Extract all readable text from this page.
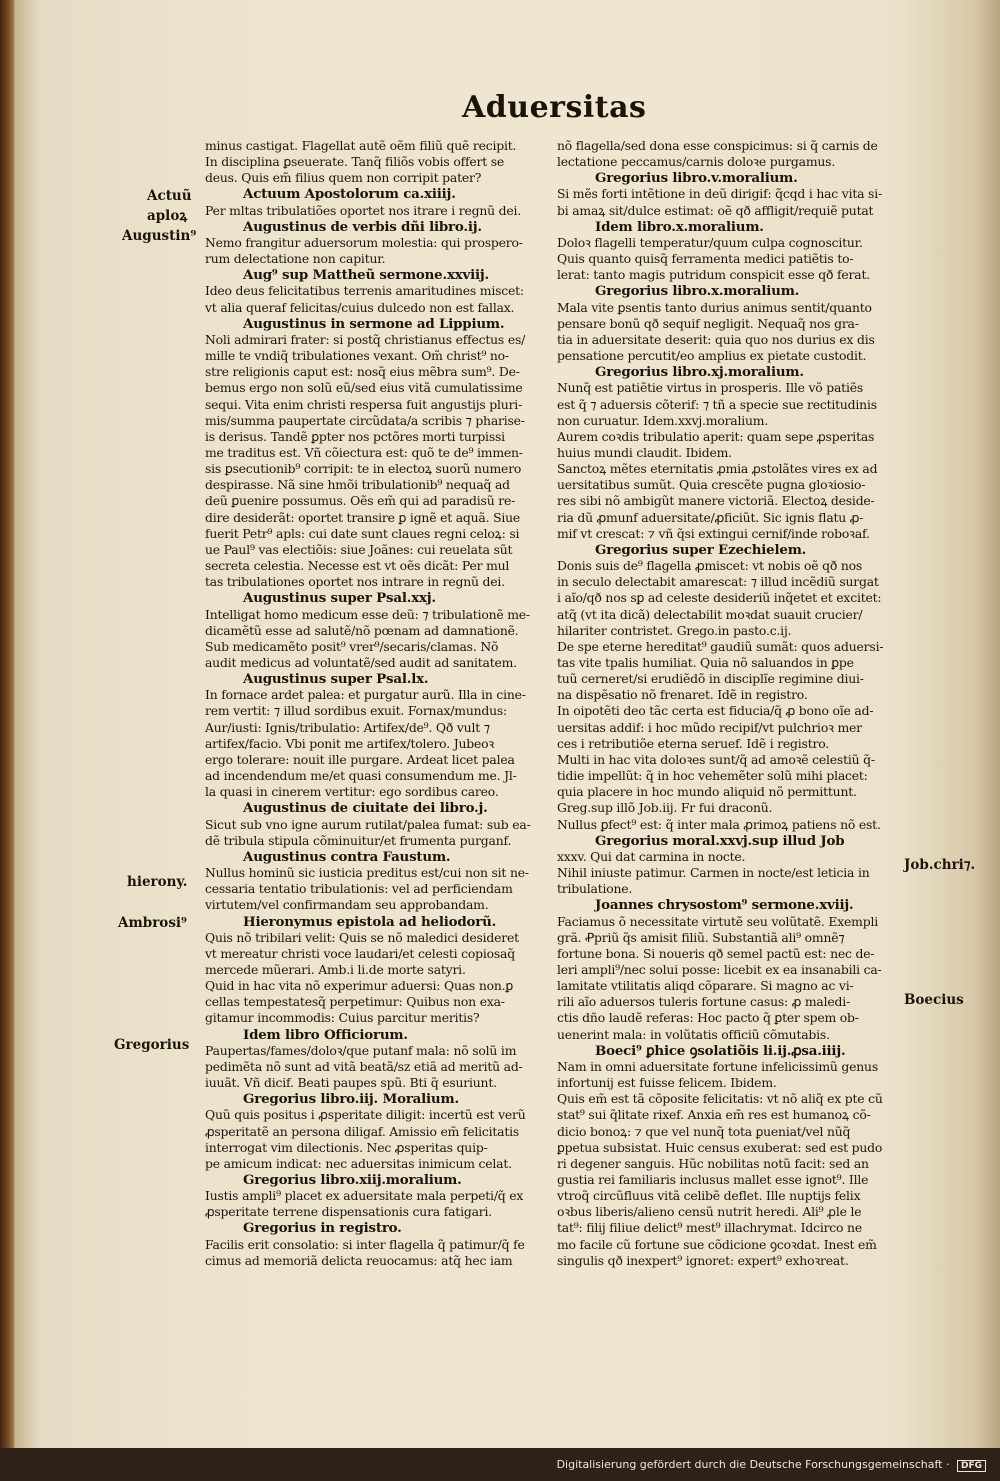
·
Aduersitas

minus castigat. Flagellat autẽ oẽm filiũ quẽ recipit.

In disciplina ꝑseuerate. Tanq̃ filiõs vobis offert se

deus. Quis em̃ filius quem non corripit pater?

Actuum Apostolorum ca.xiiij.

Per mltas tribulatiões oportet nos itrare i regnũ dei.

Augustinus de verbis dñi libro.ij.

Nemo frangitur aduersorum molestia: qui prospero-

rum delectatione non capitur.

Aug⁹ sup Mattheũ sermone.xxviij.

Ideo deus felicitatibus terrenis amaritudines miscet:

vt alia queraf felicitas/cuius dulcedo non est fallax.

Augustinus in sermone ad Lippium.

Noli admirari frater: si postq̃ christianus effectus es/

mille te vndiq̃ tribulationes vexant. Om̃ christ⁹ no-

stre religionis caput est: nosq̃ eius mẽbra sum⁹. De-

bemus ergo non solũ eũ/sed eius vitã cumulatissime

sequi. Vita enim christi respersa fuit angustijs pluri-

mis/summa paupertate circũdata/a scribis ⁊ pharise-

is derisus. Tandẽ ꝑpter nos pctõres morti turpissi

me traditus est. Vñ cõiectura est: quõ te de⁹ immen-

sis ꝑsecutionib⁹ corripit: te in electoꝝ suorũ numero

despirasse. Nã sine hmõi tribulationib⁹ nequaq̃ ad

deũ ꝑuenire possumus. Oẽs em̃ qui ad paradisũ re-

dire desiderãt: oportet transire ꝑ ignẽ et aquã. Siue

fuerit Petr⁹ apls: cui date sunt claues regni celoꝝ: si

ue Paul⁹ vas electiõis: siue Joãnes: cui reuelata sũt

secreta celestia. Necesse est vt oẽs dicãt: Per mul

tas tribulationes oportet nos intrare in regnũ dei.

Augustinus super Psal.xxj.

Intelligat homo medicum esse deũ: ⁊ tribulationẽ me-

dicamẽtũ esse ad salutẽ/nõ pœnam ad damnationẽ.

Sub medicamẽto posit⁹ vrer⁹/secaris/clamas. Nõ

audit medicus ad voluntatẽ/sed audit ad sanitatem.

Augustinus super Psal.lx.

In fornace ardet palea: et purgatur aurũ. Illa in cine-

rem vertit: ⁊ illud sordibus exuit. Fornax/mundus:

Aur/iusti: Ignis/tribulatio: Artifex/de⁹. Qð vult ⁊

artifex/facio. Vbi ponit me artifex/tolero. Jubeoꝛ

ergo tolerare: nouit ille purgare. Ardeat licet palea

ad incendendum me/et quasi consumendum me. Jl-

la quasi in cinerem vertitur: ego sordibus careo.

Augustinus de ciuitate dei libro.j.

Sicut sub vno igne aurum rutilat/palea fumat: sub ea-

dẽ tribula stipula cõminuitur/et frumenta purganf.

Augustinus contra Faustum.

Nullus hominũ sic iusticia preditus est/cui non sit ne-

cessaria tentatio tribulationis: vel ad perficiendam

virtutem/vel confirmandam seu approbandam.

Hieronymus epistola ad heliodorũ.

Quis nõ tribilari velit: Quis se nõ maledici desideret

vt mereatur christi voce laudari/et celesti copiosaq̃

mercede mũerari. Amb.i li.de morte satyri.

Quid in hac vita nõ experimur aduersi: Quas non.ꝑ

cellas tempestatesq̃ perpetimur: Quibus non exa-

gitamur incommodis: Cuius parcitur meritis?

Idem libro Officiorum.

Paupertas/fames/doloꝛ/que putanf mala: nõ solũ im

pedimẽta nõ sunt ad vitã beatã/sz etiã ad meritũ ad-

iuuãt. Vñ dicif. Beati paupes spũ. Bti q̃ esuriunt.

Gregorius libro.iij. Moralium.

Quũ quis positus i ꝓsperitate diligit: incertũ est verũ

ꝓsperitatẽ an persona diligaf. Amissio em̃ felicitatis

interrogat vim dilectionis. Nec ꝓsperitas quip-

pe amicum indicat: nec aduersitas inimicum celat.

Gregorius libro.xiij.moralium.

Iustis ampli⁹ placet ex aduersitate mala perpeti/q̃ ex

ꝓsperitate terrene dispensationis cura fatigari.

Gregorius in registro.

Facilis erit consolatio: si inter flagella q̃ patimur/q̃ fe

cimus ad memoriã delicta reuocamus: atq̃ hec iam

nõ flagella/sed dona esse conspicimus: si q̃ carnis de

lectatione peccamus/carnis doloꝛe purgamus.

Gregorius libro.v.moralium.

Si mẽs forti intẽtione in deũ dirigif: q̃cqd i hac vita si-

bi amaꝝ sit/dulce estimat: oẽ qð affligit/requiẽ putat

Idem libro.x.moralium.

Doloꝛ flagelli temperatur/quum culpa cognoscitur.

Quis quanto quisq̃ ferramenta medici patiẽtis to-

lerat: tanto magis putridum conspicit esse qð ferat.

Gregorius libro.x.moralium.

Mala vite ꝑsentis tanto durius animus sentit/quanto

pensare bonũ qð sequif negligit. Nequaq̃ nos gra-

tia in aduersitate deserit: quia quo nos durius ex dis

pensatione percutit/eo amplius ex pietate custodit.

Gregorius libro.xj.moralium.

Nunq̃ est patiẽtie virtus in prosperis. Ille võ patiẽs

est q̃ ⁊ aduersis cõterif: ⁊ tñ a specie sue rectitudinis

non curuatur. Idem.xxvj.moralium.

Aurem coꝛdis tribulatio aperit: quam sepe ꝓsperitas

huius mundi claudit. Ibidem.

Sanctoꝝ mẽtes eternitatis ꝓmia ꝓstolãtes vires ex ad

uersitatibus sumũt. Quia crescẽte pugna gloꝛiosio-

res sibi nõ ambigũt manere victoriã. Electoꝝ deside-

ria dũ ꝓmunf aduersitate/ꝓficiũt. Sic ignis flatu ꝓ-

mif vt crescat: ⁊ vñ q̃si extingui cernif/inde roboꝛaf.

Gregorius super Ezechielem.

Donis suis de⁹ flagella ꝓmiscet: vt nobis oẽ qð nos

in seculo delectabit amarescat: ⁊ illud incẽdiũ surgat

i aĩo/qð nos sꝑ ad celeste desideriũ inq̃etet et excitet:

atq̃ (vt ita dicã) delectabilit moꝛdat suauit crucier/

hilariter contristet. Grego.in pasto.c.ij.

De spe eterne hereditat⁹ gaudiũ sumãt: quos aduersi-

tas vite tpalis humiliat. Quia nõ saluandos in ꝑpe

tuũ cerneret/si erudiẽdõ in disciplĩe regimine diui-

na dispẽsatio nõ frenaret. Idẽ in registro.

In oipotẽti deo tãc certa est fiducia/q̃ ꝓ bono oĩe ad-

uersitas addif: i hoc mũdo recipif/vt pulchrioꝛ mer

ces i retributiõe eterna seruef. Idẽ i registro.

Multi in hac vita doloꝛes sunt/q̃ ad amoꝛẽ celestiũ q̃-

tidie impellũt: q̃ in hoc vehemẽter solũ mihi placet:

quia placere in hoc mundo aliquid nõ permittunt.

Greg.sup illõ Job.iij. Fr fui draconũ.

Nullus ꝑfect⁹ est: q̃ inter mala ꝓrimoꝝ patiens nõ est.

Gregorius moral.xxvj.sup illud Job

xxxv. Qui dat carmina in nocte.

Nihil iniuste patimur. Carmen in nocte/est leticia in

tribulatione.

Joannes chrysostom⁹ sermone.xviij.

Faciamus õ necessitate virtutẽ seu volũtatẽ. Exempli

grã. Ꝓpriũ q̃s amisit filiũ. Substantiã ali⁹ omnẽ⁊

fortune bona. Si noueris qð semel pactũ est: nec de-

leri ampli⁹/nec solui posse: licebit ex ea insanabili ca-

lamitate vtilitatis aliqd cõparare. Si magno ac vi-

rili aĩo aduersos tuleris fortune casus: ꝓ maledi-

ctis dño laudẽ referas: Hoc pacto q̃ ꝑter spem ob-

uenerint mala: in volũtatis officiũ cõmutabis.

Boeci⁹ ꝑhice ꝯsolatiõis li.ij.ꝓsa.iiij.

Nam in omni aduersitate fortune infelicissimũ genus

infortunij est fuisse felicem. Ibidem.

Quis em̃ est tã cõposite felicitatis: vt nõ aliq̃ ex pte cũ

stat⁹ sui q̃litate rixef. Anxia em̃ res est humanoꝝ cõ-

dicio bonoꝝ: ⁊ que vel nunq̃ tota ꝑueniat/vel nũq̃

ꝑpetua subsistat. Huic census exuberat: sed est pudo

ri degener sanguis. Hũc nobilitas notũ facit: sed an

gustia rei familiaris inclusus mallet esse ignot⁹. Ille

vtroq̃ circũfluus vitã celibẽ deflet. Ille nuptijs felix

oꝛbus liberis/alieno censũ nutrit heredi. Ali⁹ ꝓle le

tat⁹: filij filiue delict⁹ mest⁹ illachrymat. Idcirco ne

mo facile cũ fortune sue cõdicione ꝯcoꝛdat. Inest em̃

singulis qð inexpert⁹ ignoret: expert⁹ exhoꝛreat.

Actuũ
aploꝝ
Augustin⁹
hierony.
Ambrosi⁹
Gregorius
Job.chri⁊.
Boecius
Digitalisierung gefördert durch die Deutsche Forschungsgemeinschaft · DFG
